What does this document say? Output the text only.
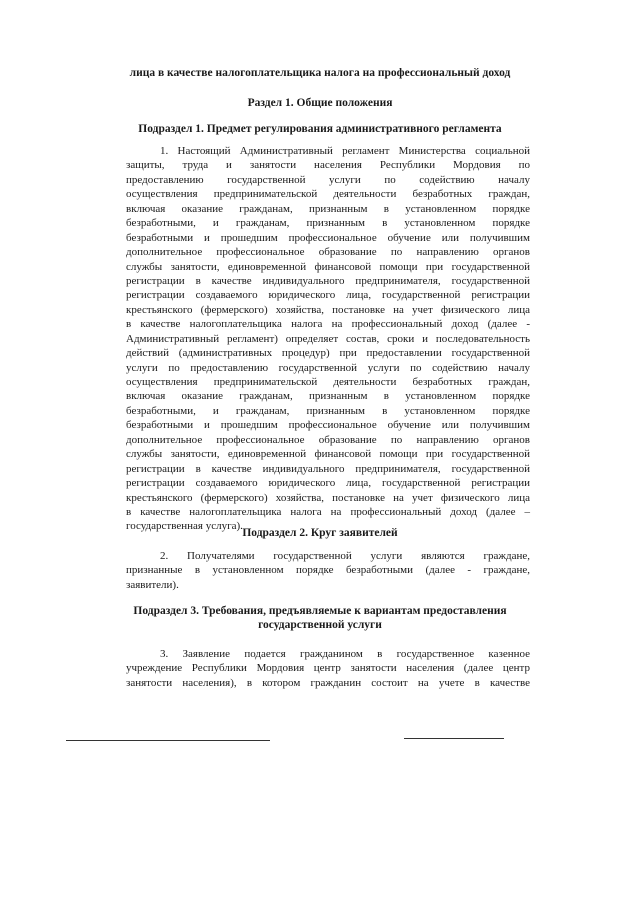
лица в качестве налогоплательщика налога на профессиональный доход
Раздел 1. Общие положения
Подраздел 1. Предмет регулирования административного регламента
1. Настоящий Административный регламент Министерства социальной
защиты, труда и занятости населения Республики Мордовия по
предоставлению государственной услуги по содействию началу
осуществления предпринимательской деятельности безработных граждан,
включая оказание гражданам, признанным в установленном порядке
безработными, и гражданам, признанным в установленном порядке
безработными и прошедшим профессиональное обучение или получившим
дополнительное профессиональное образование по направлению органов
службы занятости, единовременной финансовой помощи при государственной
регистрации в качестве индивидуального предпринимателя, государственной
регистрации создаваемого юридического лица, государственной регистрации
крестьянского (фермерского) хозяйства, постановке на учет физического лица
в качестве налогоплательщика налога на профессиональный доход (далее -
Административный регламент) определяет состав, сроки и последовательность
действий (административных процедур) при предоставлении государственной
услуги по предоставлению государственной услуги по содействию началу
осуществления предпринимательской деятельности безработных граждан,
включая оказание гражданам, признанным в установленном порядке
безработными, и гражданам, признанным в установленном порядке
безработными и прошедшим профессиональное обучение или получившим
дополнительное профессиональное образование по направлению органов
службы занятости, единовременной финансовой помощи при государственной
регистрации в качестве индивидуального предпринимателя, государственной
регистрации создаваемого юридического лица, государственной регистрации
крестьянского (фермерского) хозяйства, постановке на учет физического лица
в качестве налогоплательщика налога на профессиональный доход (далее –
государственная услуга).
Подраздел 2. Круг заявителей
2. Получателями государственной услуги являются граждане,
признанные в установленном порядке безработными (далее - граждане,
заявители).
Подраздел 3. Требования, предъявляемые к вариантам предоставления
государственной услуги
3. Заявление подается гражданином в государственное казенное
учреждение Республики Мордовия центр занятости населения (далее центр
занятости населения), в котором гражданин состоит на учете в качестве
